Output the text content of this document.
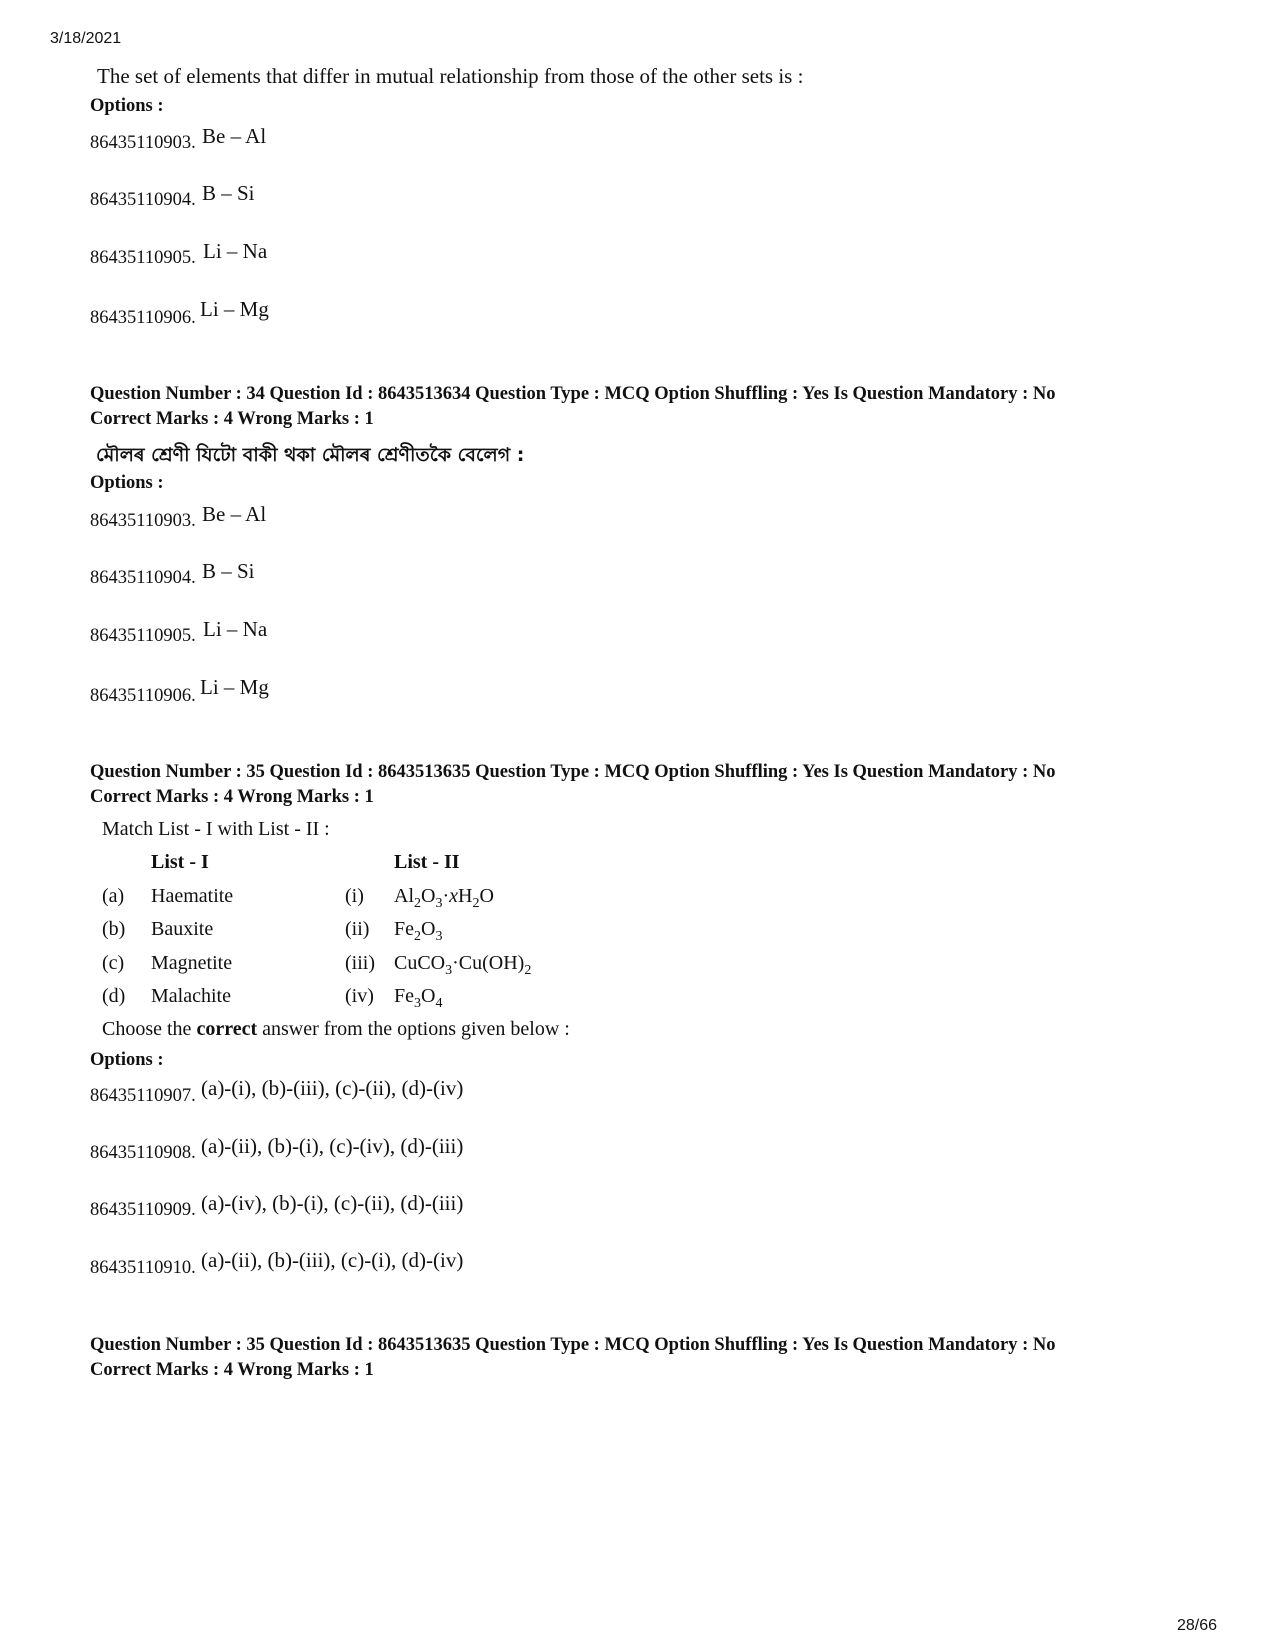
3/18/2021
The set of elements that differ in mutual relationship from those of the other sets is :
Options :
86435110903. Be – Al
86435110904. B – Si
86435110905. Li – Na
86435110906. Li – Mg
Question Number : 34 Question Id : 8643513634 Question Type : MCQ Option Shuffling : Yes Is Question Mandatory : No
Correct Marks : 4 Wrong Marks : 1
মৌলৰ শ্ৰেণী যিটো বাকী থকা মৌলৰ শ্ৰেণীতকৈ বেলেগ :
Options :
86435110903. Be – Al
86435110904. B – Si
86435110905. Li – Na
86435110906. Li – Mg
Question Number : 35 Question Id : 8643513635 Question Type : MCQ Option Shuffling : Yes Is Question Mandatory : No
Correct Marks : 4 Wrong Marks : 1
Match List - I with List - II :
List - I	List - II
(a) Haematite	(i) $Al_2O_3\cdot xH_2O$
(b) Bauxite	(ii) $Fe_2O_3$
(c) Magnetite	(iii) $CuCO_3\cdot Cu(OH)_2$
(d) Malachite	(iv) $Fe_3O_4$
Choose the correct answer from the options given below :
Options :
86435110907. (a)-(i), (b)-(iii), (c)-(ii), (d)-(iv)
86435110908. (a)-(ii), (b)-(i), (c)-(iv), (d)-(iii)
86435110909. (a)-(iv), (b)-(i), (c)-(ii), (d)-(iii)
86435110910. (a)-(ii), (b)-(iii), (c)-(i), (d)-(iv)
Question Number : 35 Question Id : 8643513635 Question Type : MCQ Option Shuffling : Yes Is Question Mandatory : No
Correct Marks : 4 Wrong Marks : 1
28/66
